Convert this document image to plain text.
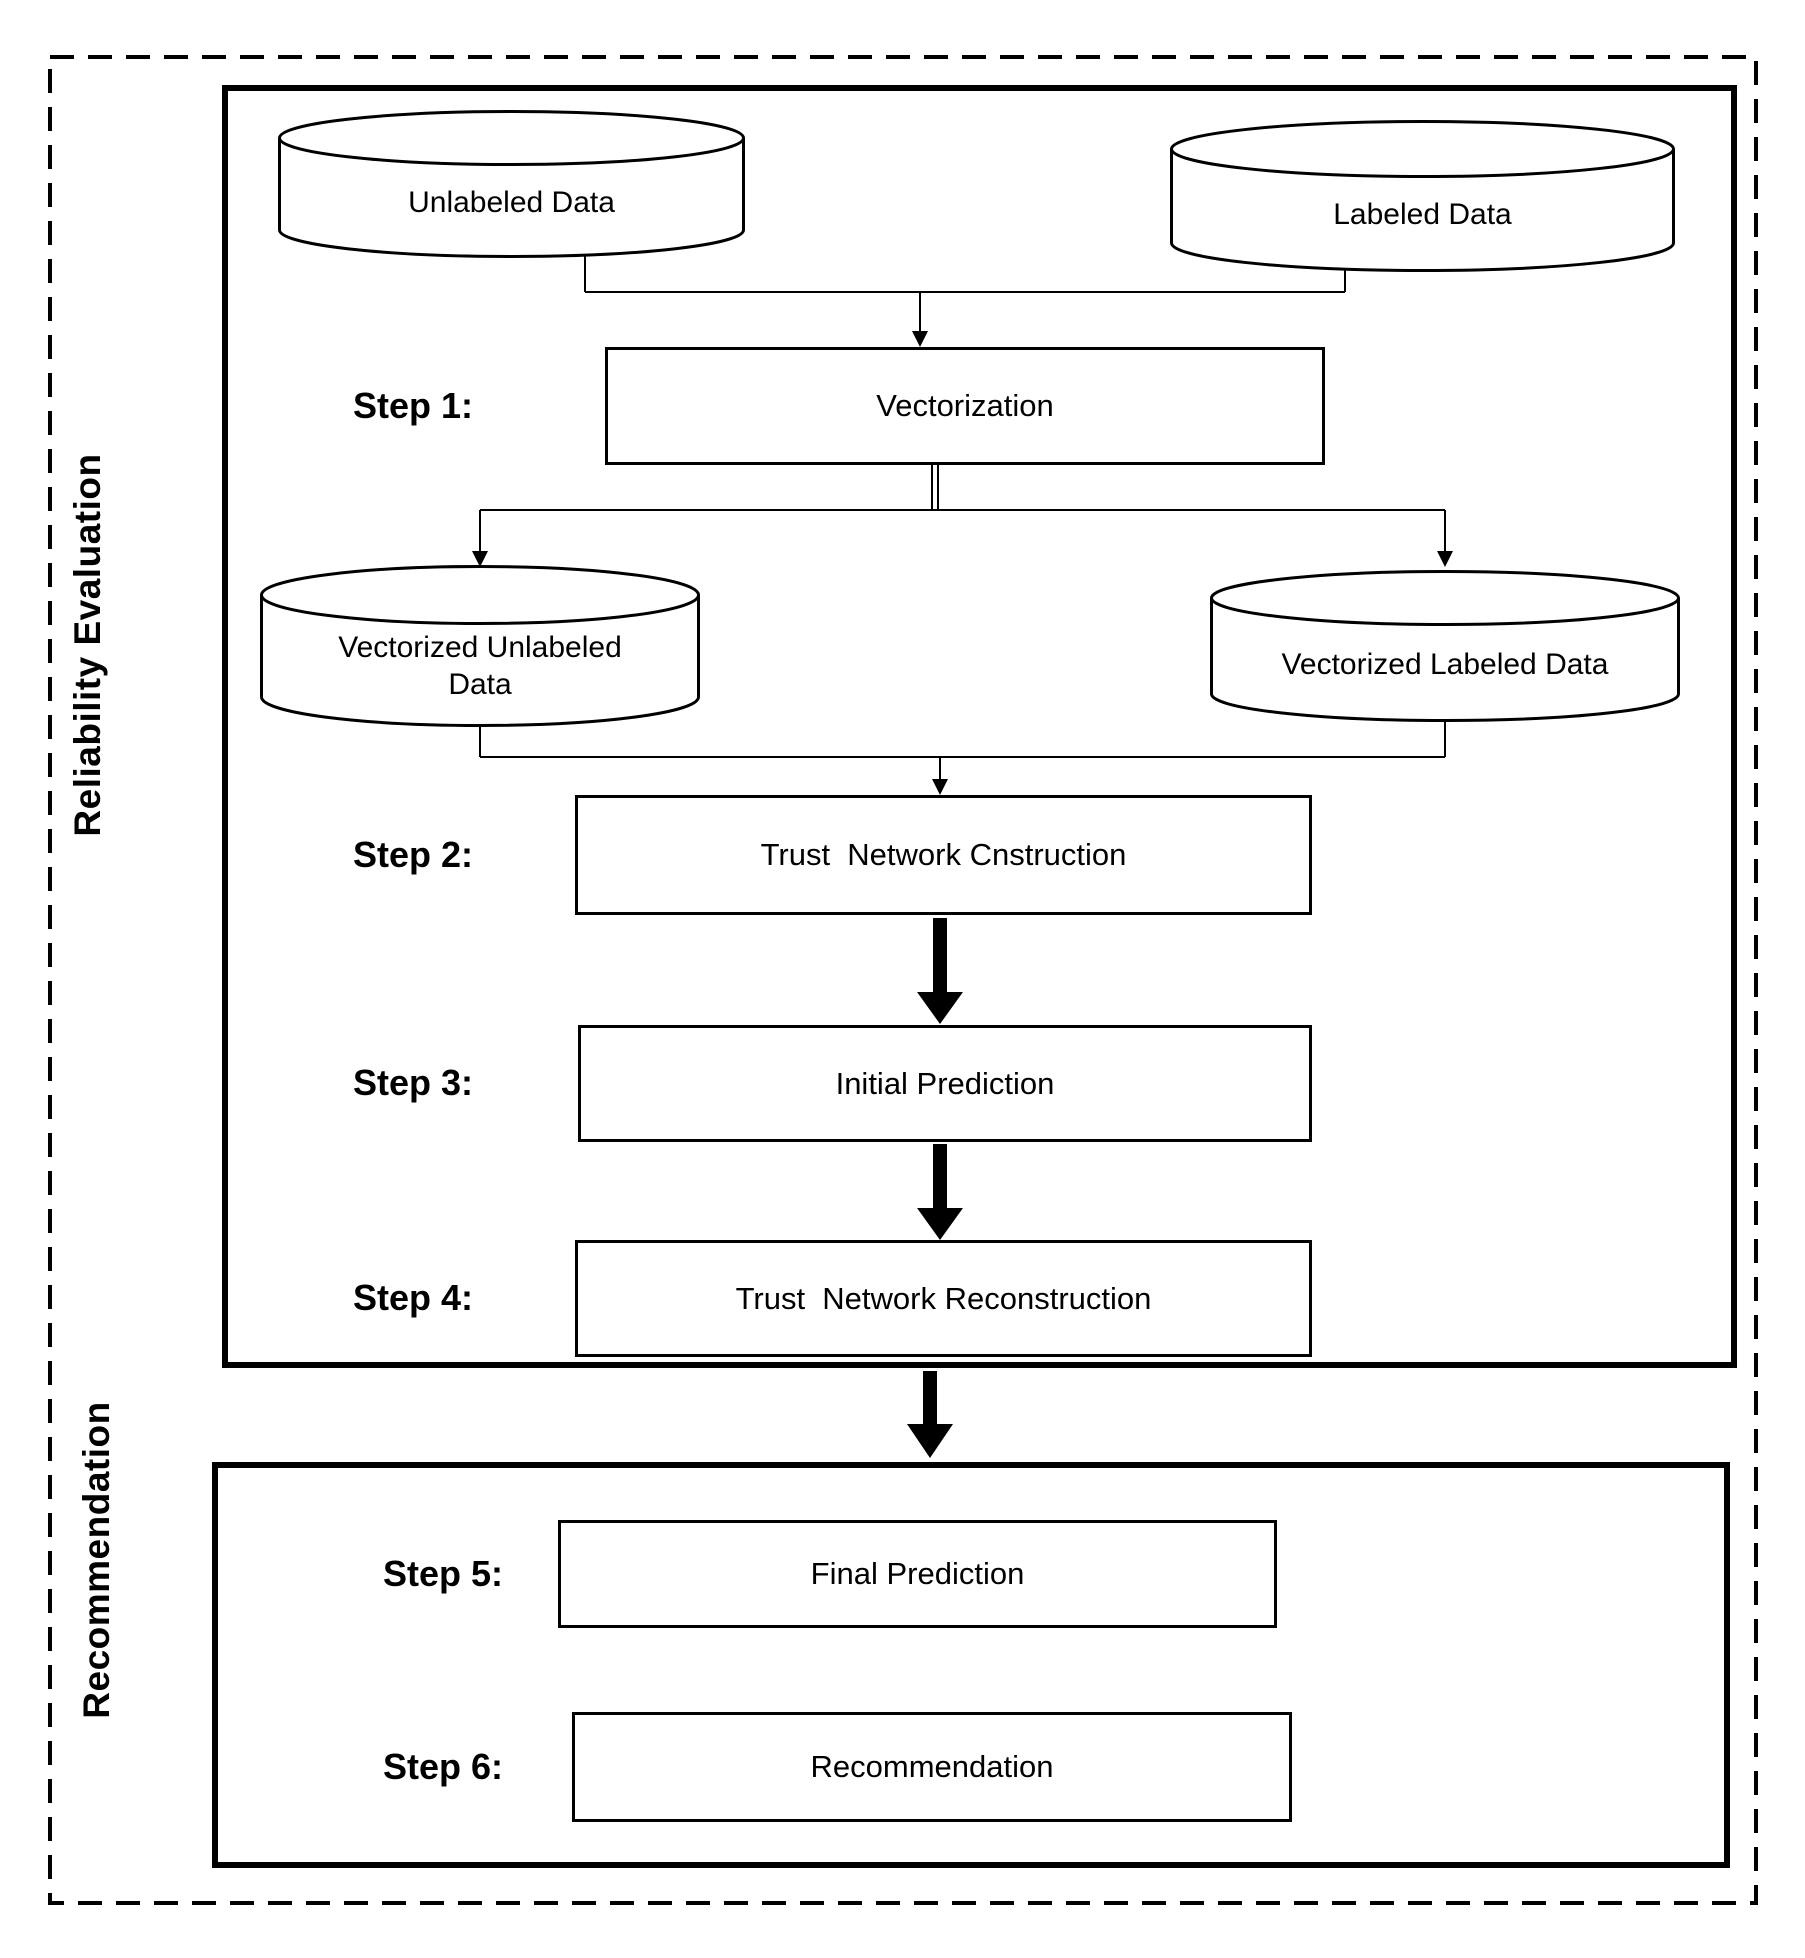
Reliability Evaluation
Recommendation
Unlabeled Data	Labeled Data
Vectorized Unlabeled Data
Vectorized Labeled Data
Vectorization
Trust  Network Cnstruction
Initial Prediction
Trust  Network Reconstruction
Final Prediction
Recommendation
Step 1:
Step 2:
Step 3:
Step 4:
Step 5:
Step 6:
